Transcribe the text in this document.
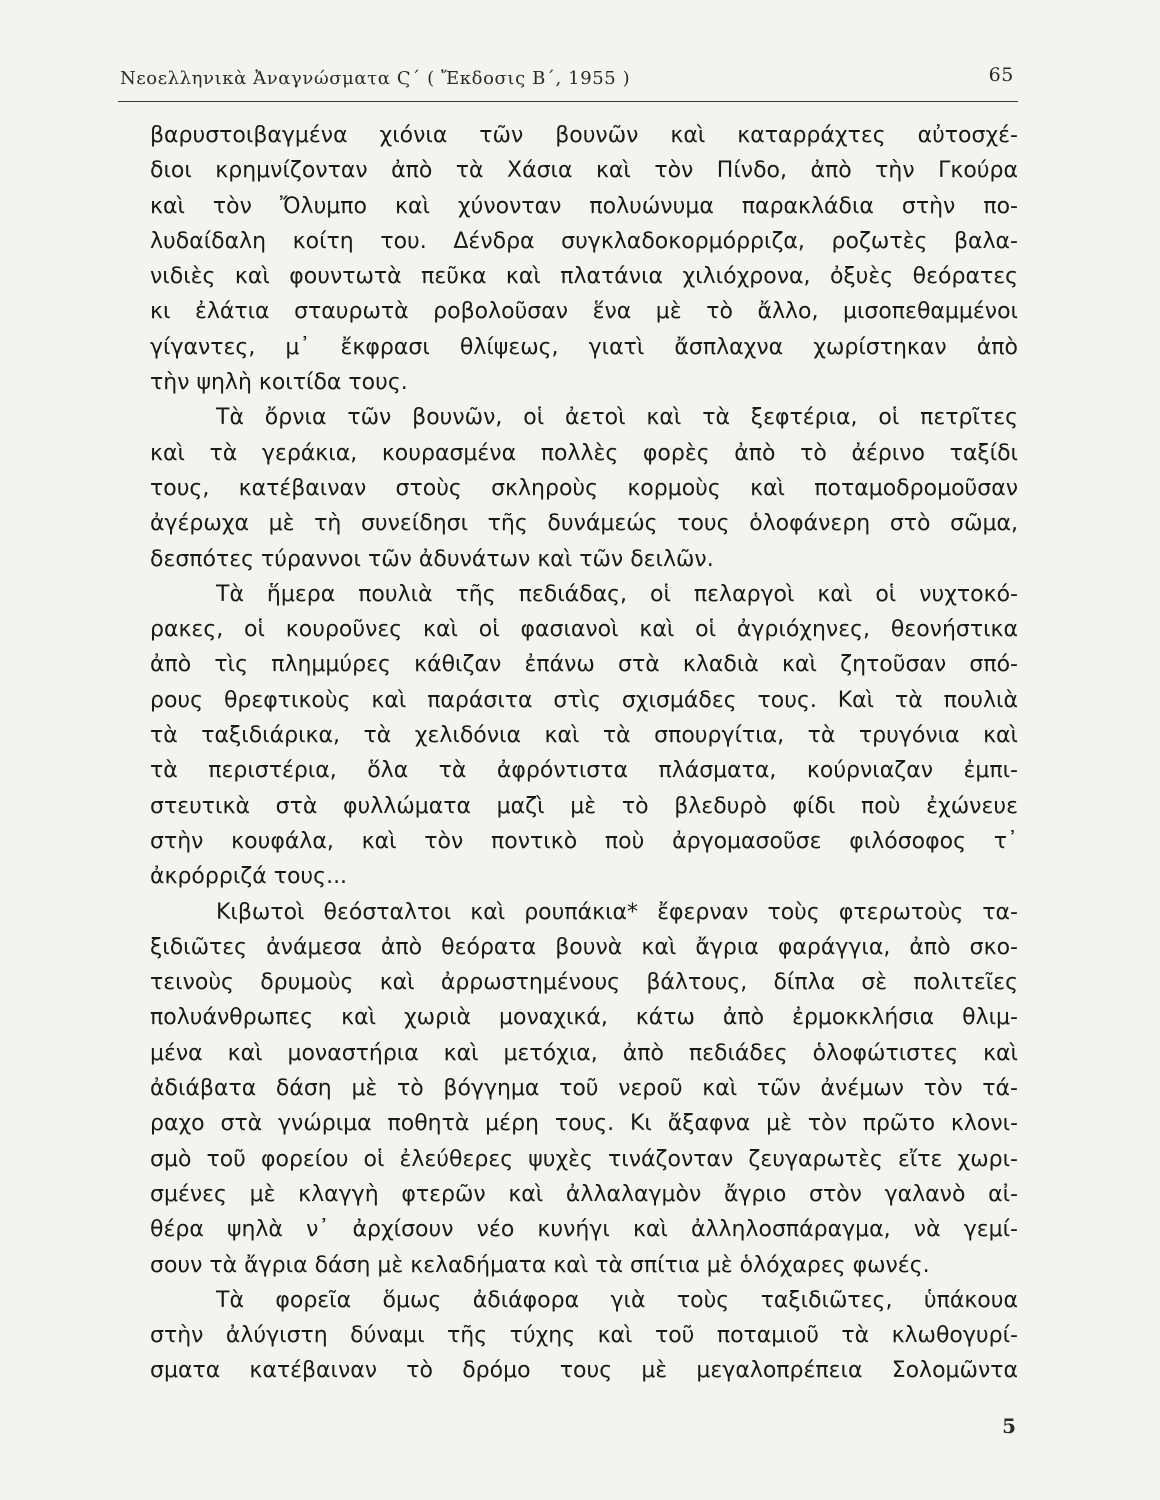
Νεοελληνικὰ Ἀναγνώσματα Ϛ΄ ( Ἔκδοσις Β΄, 1955 )	65

βαρυστοιβαγμένα χιόνια τῶν βουνῶν καὶ καταρράχτες αὐτοσχέ-
διοι κρημνίζονταν ἀπὸ τὰ Χάσια καὶ τὸν Πίνδο, ἀπὸ τὴν Γκούρα
καὶ τὸν Ὄλυμπο καὶ χύνονταν πολυώνυμα παρακλάδια στὴν πο-
λυδαίδαλη κοίτη του. Δένδρα συγκλαδοκορμόρριζα, ροζωτὲς βαλα-
νιδιὲς καὶ φουντωτὰ πεῦκα καὶ πλατάνια χιλιόχρονα, ὀξυὲς θεόρατες
κι ἐλάτια σταυρωτὰ ροβολοῦσαν ἕνα μὲ τὸ ἄλλο, μισοπεθαμμένοι
γίγαντες, μ᾽ ἔκφρασι θλίψεως, γιατὶ ἄσπλαχνα χωρίστηκαν ἀπὸ
τὴν ψηλὴ κοιτίδα τους.

Τὰ ὄρνια τῶν βουνῶν, οἱ ἀετοὶ καὶ τὰ ξεφτέρια, οἱ πετρῖτες
καὶ τὰ γεράκια, κουρασμένα πολλὲς φορὲς ἀπὸ τὸ ἀέρινο ταξίδι
τους, κατέβαιναν στοὺς σκληροὺς κορμοὺς καὶ ποταμοδρομοῦσαν
ἀγέρωχα μὲ τὴ συνείδησι τῆς δυνάμεώς τους ὁλοφάνερη στὸ σῶμα,
δεσπότες τύραννοι τῶν ἀδυνάτων καὶ τῶν δειλῶν.

Τὰ ἥμερα πουλιὰ τῆς πεδιάδας, οἱ πελαργοὶ καὶ οἱ νυχτοκό-
ρακες, οἱ κουροῦνες καὶ οἱ φασιανοὶ καὶ οἱ ἀγριόχηνες, θεονήστικα
ἀπὸ τὶς πλημμύρες κάθιζαν ἐπάνω στὰ κλαδιὰ καὶ ζητοῦσαν σπό-
ρους θρεφτικοὺς καὶ παράσιτα στὶς σχισμάδες τους. Καὶ τὰ πουλιὰ
τὰ ταξιδιάρικα, τὰ χελιδόνια καὶ τὰ σπουργίτια, τὰ τρυγόνια καὶ
τὰ περιστέρια, ὅλα τὰ ἀφρόντιστα πλάσματα, κούρνιαζαν ἐμπι-
στευτικὰ στὰ φυλλώματα μαζὶ μὲ τὸ βλεδυρὸ φίδι ποὺ ἐχώνευε
στὴν κουφάλα, καὶ τὸν ποντικὸ ποὺ ἀργομασοῦσε φιλόσοφος τ᾽
ἀκρόρριζά τους...

Κιβωτοὶ θεόσταλτοι καὶ ρουπάκια* ἔφερναν τοὺς φτερωτοὺς τα-
ξιδιῶτες ἀνάμεσα ἀπὸ θεόρατα βουνὰ καὶ ἄγρια φαράγγια, ἀπὸ σκο-
τεινοὺς δρυμοὺς καὶ ἀρρωστημένους βάλτους, δίπλα σὲ πολιτεῖες
πολυάνθρωπες καὶ χωριὰ μοναχικά, κάτω ἀπὸ ἐρμοκκλήσια θλιμ-
μένα καὶ μοναστήρια καὶ μετόχια, ἀπὸ πεδιάδες ὁλοφώτιστες καὶ
ἀδιάβατα δάση μὲ τὸ βόγγημα τοῦ νεροῦ καὶ τῶν ἀνέμων τὸν τά-
ραχο στὰ γνώριμα ποθητὰ μέρη τους. Κι ἄξαφνα μὲ τὸν πρῶτο κλονι-
σμὸ τοῦ φορείου οἱ ἐλεύθερες ψυχὲς τινάζονταν ζευγαρωτὲς εἴτε χωρι-
σμένες μὲ κλαγγὴ φτερῶν καὶ ἀλλαλαγμὸν ἄγριο στὸν γαλανὸ αἰ-
θέρα ψηλὰ ν᾽ ἀρχίσουν νέο κυνήγι καὶ ἀλληλοσπάραγμα, νὰ γεμί-
σουν τὰ ἄγρια δάση μὲ κελαδήματα καὶ τὰ σπίτια μὲ ὁλόχαρες φωνές.

Τὰ φορεῖα ὅμως ἀδιάφορα γιὰ τοὺς ταξιδιῶτες, ὑπάκουα
στὴν ἀλύγιστη δύναμι τῆς τύχης καὶ τοῦ ποταμιοῦ τὰ κλωθογυρί-
σματα κατέβαιναν τὸ δρόμο τους μὲ μεγαλοπρέπεια Σολομῶντα

5
